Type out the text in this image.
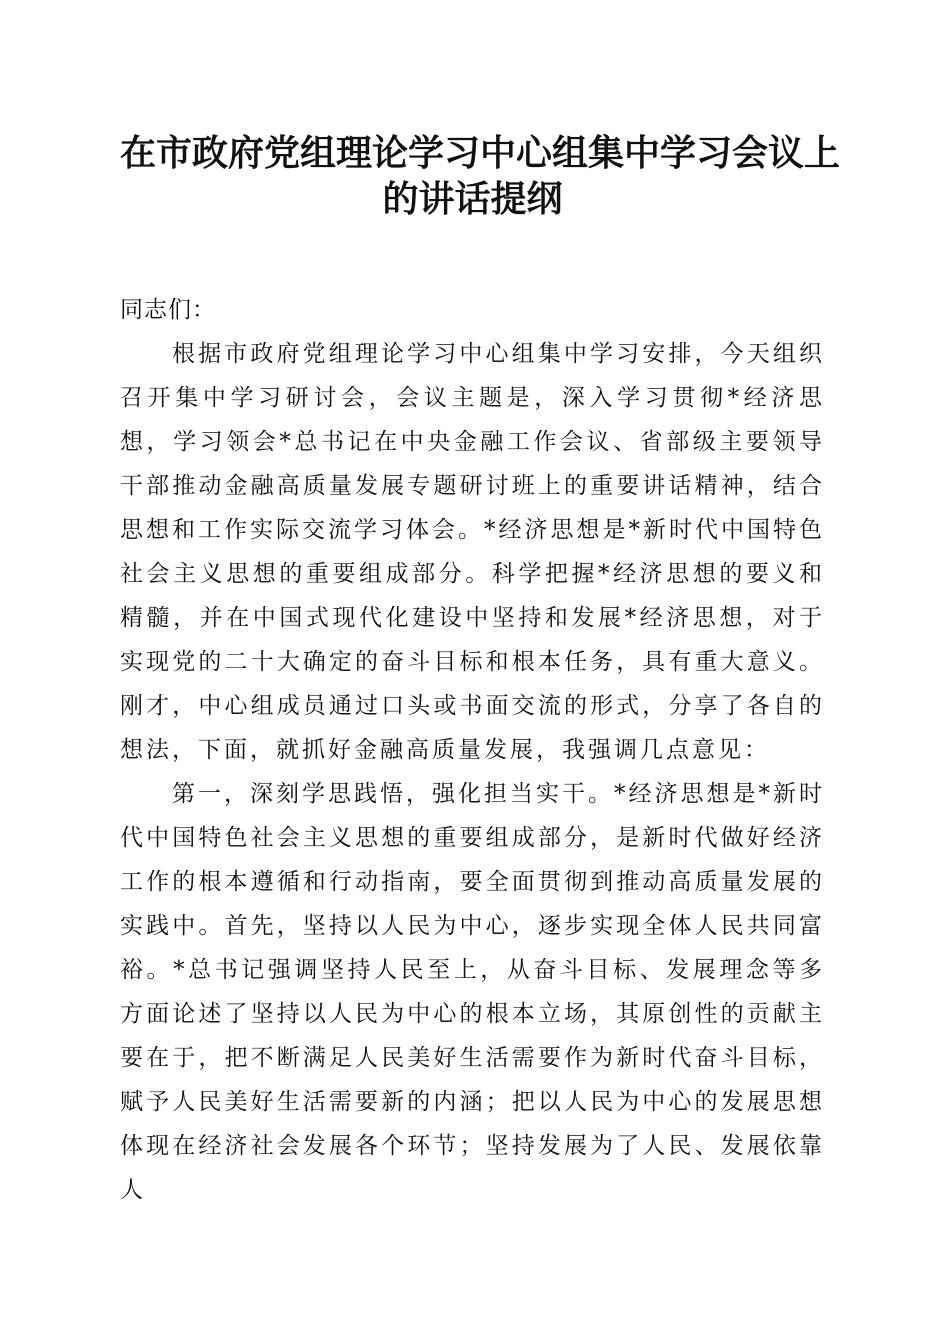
在市政府党组理论学习中心组集中学习会议上
的讲话提纲

同志们：

根据市政府党组理论学习中心组集中学习安排，今天组织召开集中学习研讨会，会议主题是，深入学习贯彻*经济思想，学习领会*总书记在中央金融工作会议、省部级主要领导干部推动金融高质量发展专题研讨班上的重要讲话精神，结合思想和工作实际交流学习体会。*经济思想是*新时代中国特色社会主义思想的重要组成部分。科学把握*经济思想的要义和精髓，并在中国式现代化建设中坚持和发展*经济思想，对于实现党的二十大确定的奋斗目标和根本任务，具有重大意义。刚才，中心组成员通过口头或书面交流的形式，分享了各自的想法，下面，就抓好金融高质量发展，我强调几点意见：

第一，深刻学思践悟，强化担当实干。*经济思想是*新时代中国特色社会主义思想的重要组成部分，是新时代做好经济工作的根本遵循和行动指南，要全面贯彻到推动高质量发展的实践中。首先，坚持以人民为中心，逐步实现全体人民共同富裕。*总书记强调坚持人民至上，从奋斗目标、发展理念等多方面论述了坚持以人民为中心的根本立场，其原创性的贡献主要在于，把不断满足人民美好生活需要作为新时代奋斗目标，赋予人民美好生活需要新的内涵；把以人民为中心的发展思想体现在经济社会发展各个环节；坚持发展为了人民、发展依靠人
